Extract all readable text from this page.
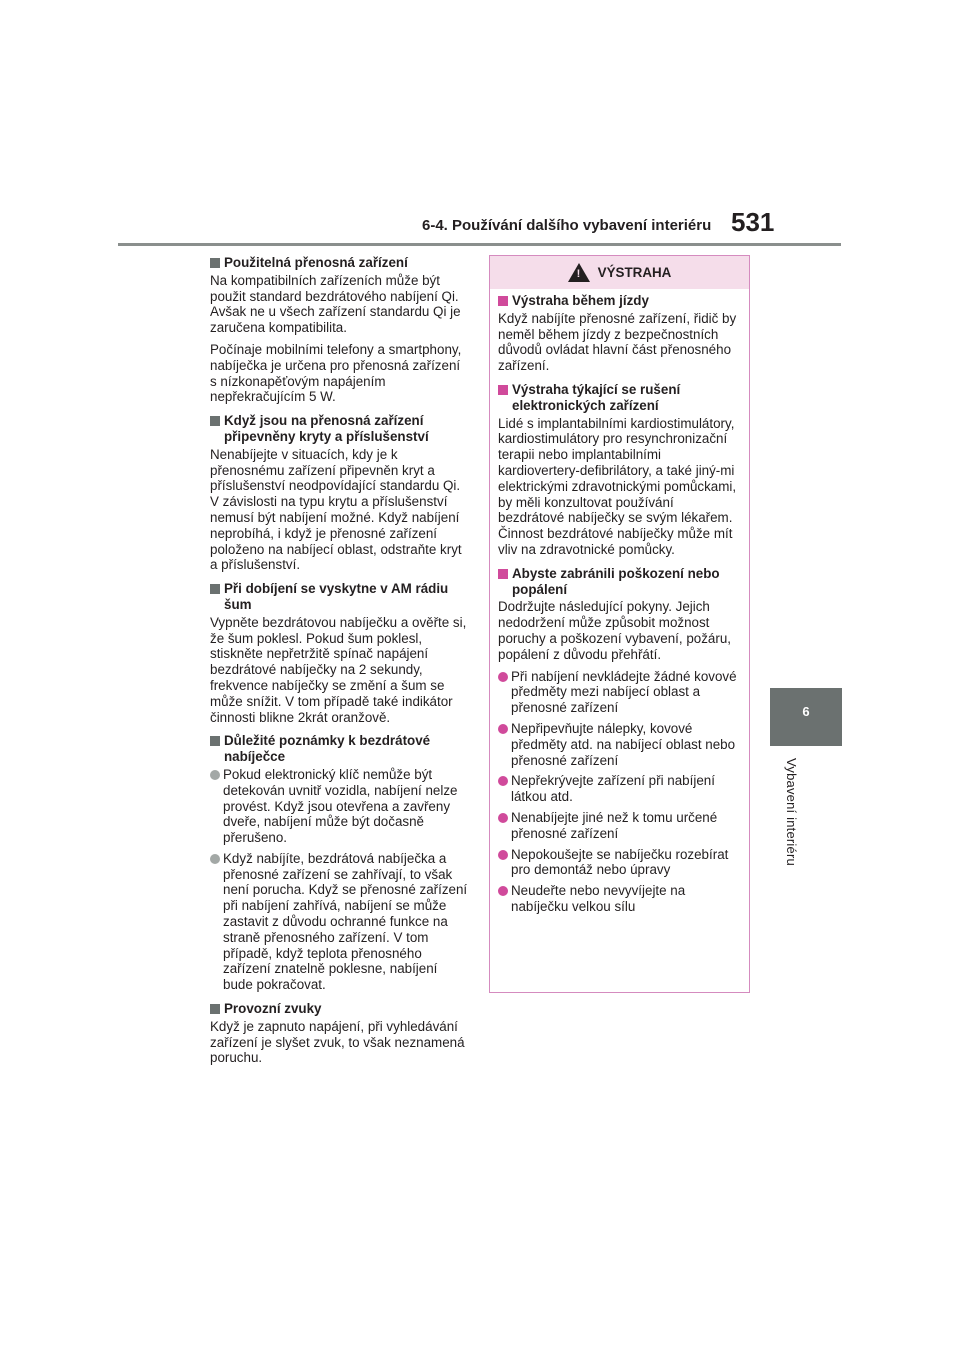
6-4. Používání dalšího vybavení interiéru 531
6
Vybavení interiéru
Použitelná přenosná zařízení
Na kompatibilních zařízeních může být použit standard bezdrátového nabíjení Qi. Avšak ne u všech zařízení standardu Qi je zaručena kompatibilita.
Počínaje mobilními telefony a smartphony, nabíječka je určena pro přenosná zařízení s nízkonapěťovým napájením nepřekračujícím 5 W.
Když jsou na přenosná zařízení připevněny kryty a příslušenství
Nenabíjejte v situacích, kdy je k přenosnému zařízení připevněn kryt a příslušenství neodpovídající standardu Qi. V závislosti na typu krytu a příslušenství nemusí být nabíjení možné. Když nabíjení neprobíhá, i když je přenosné zařízení položeno na nabíjecí oblast, odstraňte kryt a příslušenství.
Při dobíjení se vyskytne v AM rádiu šum
Vypněte bezdrátovou nabíječku a ověřte si, že šum poklesl. Pokud šum poklesl, stiskněte nepřetržitě spínač napájení bezdrátové nabíječky na 2 sekundy, frekvence nabíječky se změní a šum se může snížit. V tom případě také indikátor činnosti blikne 2krát oranžově.
Důležité poznámky k bezdrátové nabíječce
Pokud elektronický klíč nemůže být detekován uvnitř vozidla, nabíjení nelze provést. Když jsou otevřena a zavřeny dveře, nabíjení může být dočasně přerušeno.
Když nabíjíte, bezdrátová nabíječka a přenosné zařízení se zahřívají, to však není porucha. Když se přenosné zařízení při nabíjení zahřívá, nabíjení se může zastavit z důvodu ochranné funkce na straně přenosného zařízení. V tom případě, když teplota přenosného zařízení znatelně poklesne, nabíjení bude pokračovat.
Provozní zvuky
Když je zapnuto napájení, při vyhledávání zařízení je slyšet zvuk, to však neznamená poruchu.
! VÝSTRAHA
Výstraha během jízdy
Když nabíjíte přenosné zařízení, řidič by neměl během jízdy z bezpečnostních důvodů ovládat hlavní část přenosného zařízení.
Výstraha týkající se rušení elektronických zařízení
Lidé s implantabilními kardiostimulátory, kardiostimulátory pro resynchronizační terapii nebo implantabilními kardiovertery-defibrilátory, a také jiný-mi elektrickými zdravotnickými pomůckami, by měli konzultovat používání bezdrátové nabíječky se svým lékařem. Činnost bezdrátové nabíječky může mít vliv na zdravotnické pomůcky.
Abyste zabránili poškození nebo popálení
Dodržujte následující pokyny. Jejich nedodržení může způsobit možnost poruchy a poškození vybavení, požáru, popálení z důvodu přehřátí.
Při nabíjení nevkládejte žádné kovové předměty mezi nabíjecí oblast a přenosné zařízení
Nepřipevňujte nálepky, kovové předměty atd. na nabíjecí oblast nebo přenosné zařízení
Nepřekrývejte zařízení při nabíjení látkou atd.
Nenabíjejte jiné než k tomu určené přenosné zařízení
Nepokoušejte se nabíječku rozebírat pro demontáž nebo úpravy
Neudeřte nebo nevyvíjejte na nabíječku velkou sílu
